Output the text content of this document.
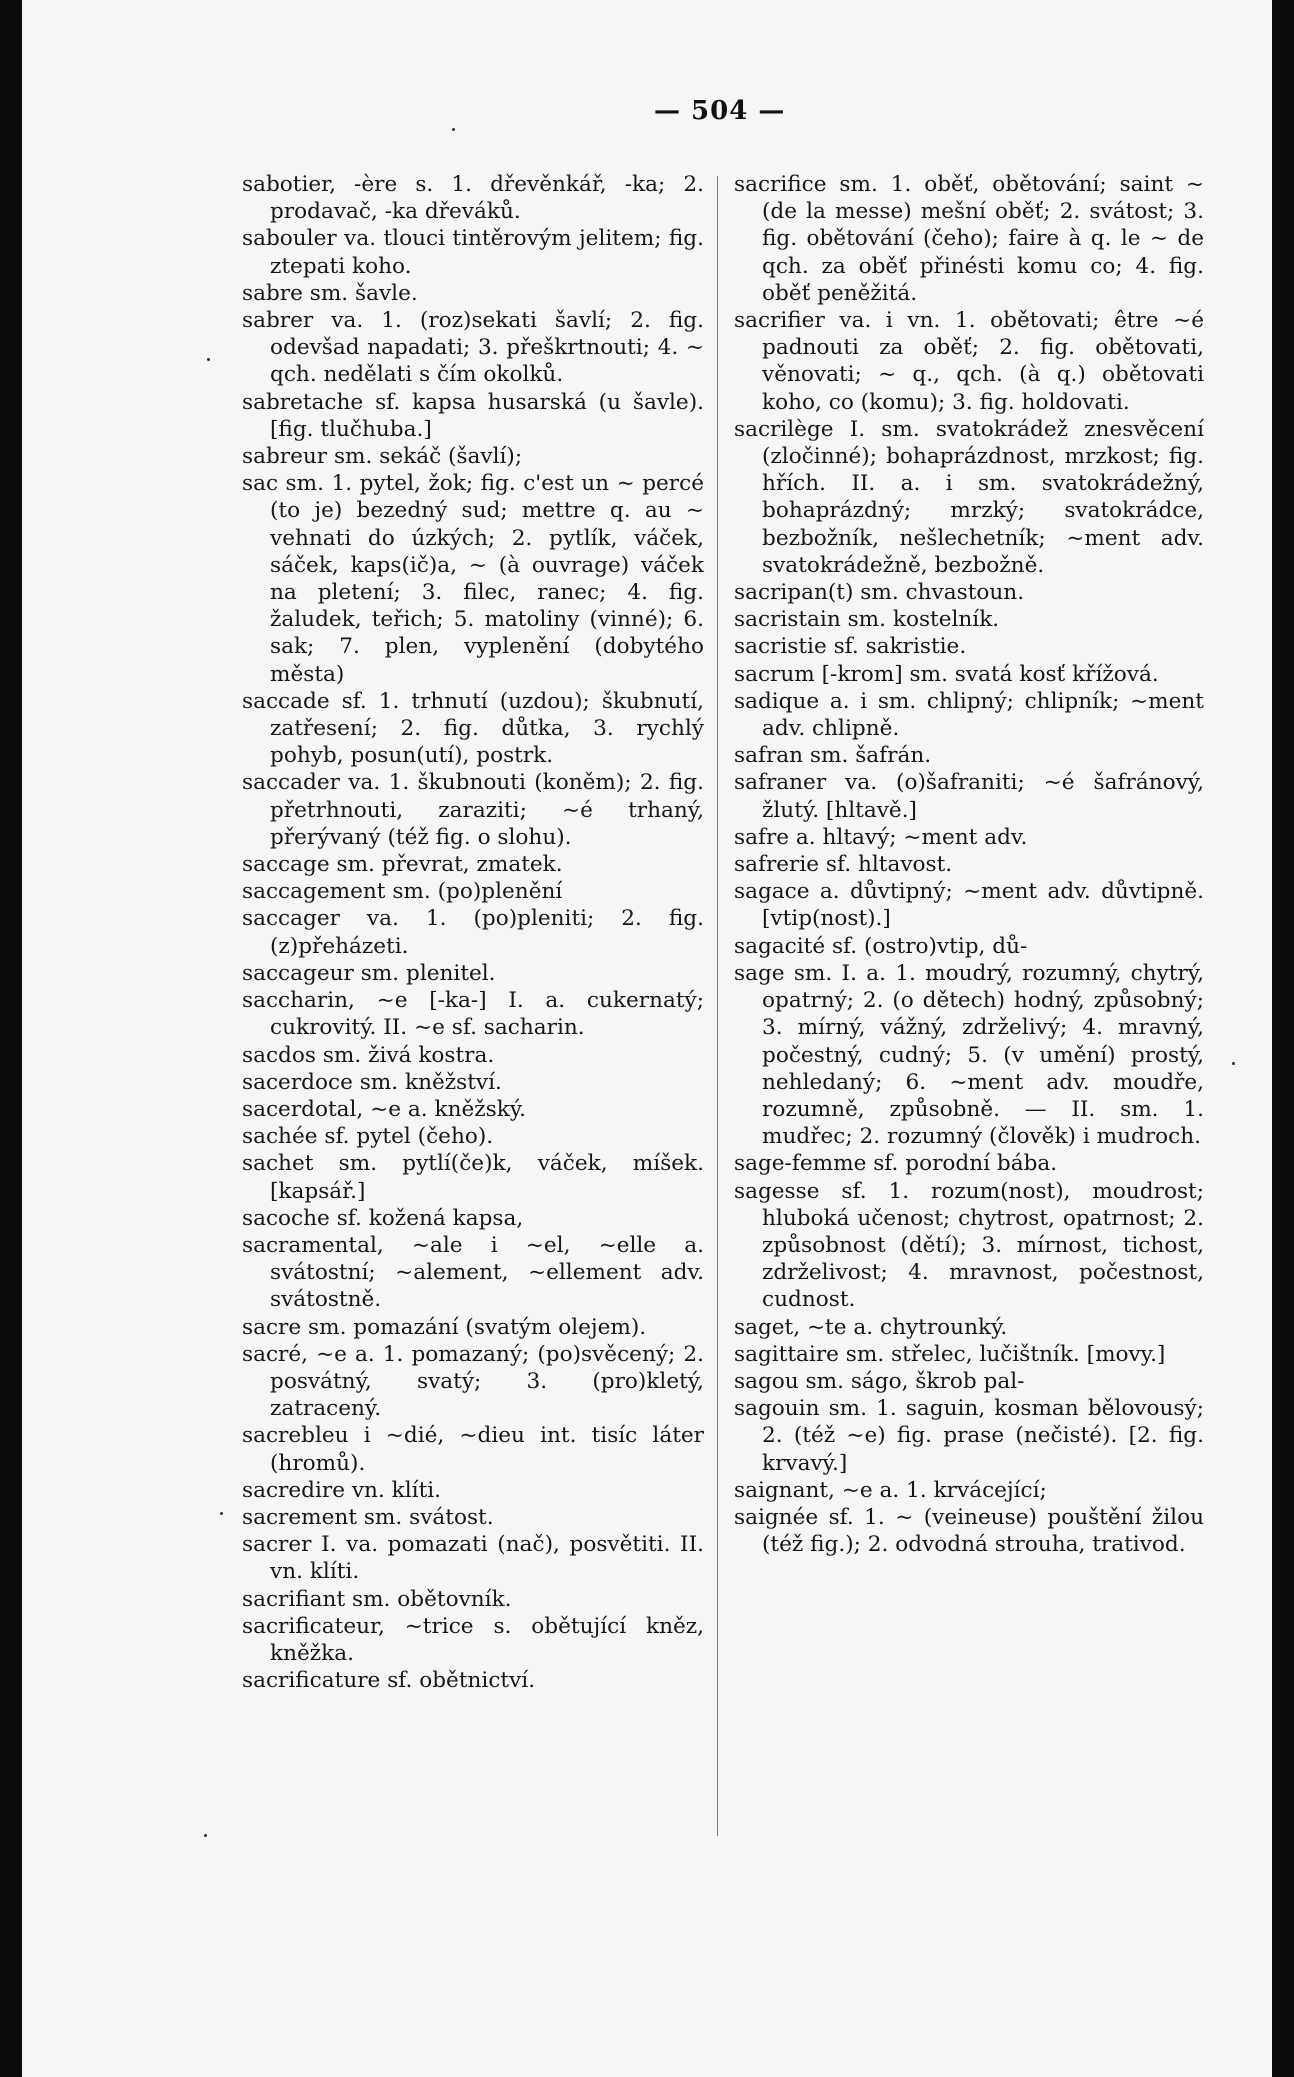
— 504 —

sabotier, -ère s. 1. dřevěnkář, -ka; 2. prodavač, -ka dřeváků.

sabouler va. tlouci tintěrovým jelitem; fig. ztepati koho.

sabre sm. šavle.

sabrer va. 1. (roz)sekati šavlí; 2. fig. odevšad napadati; 3. přeškrtnouti; 4. ~ qch. nedělati s čím okolků.

sabretache sf. kapsa husarská (u šavle). [fig. tlučhuba.]

sabreur sm. sekáč (šavlí);

sac sm. 1. pytel, žok; fig. c'est un ~ percé (to je) bezedný sud; mettre q. au ~ vehnati do úzkých; 2. pytlík, váček, sáček, kaps(ič)a, ~ (à ouvrage) váček na pletení; 3. filec, ranec; 4. fig. žaludek, teřich; 5. matoliny (vinné); 6. sak; 7. plen, vyplenění (dobytého města)

saccade sf. 1. trhnutí (uzdou); škubnutí, zatřesení; 2. fig. důtka, 3. rychlý pohyb, posun(utí), postrk.

saccader va. 1. škubnouti (koněm); 2. fig. přetrhnouti, zaraziti; ~é trhaný, přerývaný (též fig. o slohu).

saccage sm. převrat, zmatek.

saccagement sm. (po)plenění

saccager va. 1. (po)pleniti; 2. fig. (z)přeházeti.

saccageur sm. plenitel.

saccharin, ~e [-ka-] I. a. cukernatý; cukrovitý. II. ~e sf. sacharin.

sacdos sm. živá kostra.

sacerdoce sm. kněžství.

sacerdotal, ~e a. kněžský.

sachée sf. pytel (čeho).

sachet sm. pytlí(če)k, váček, míšek. [kapsář.]

sacoche sf. kožená kapsa,

sacramental, ~ale i ~el, ~elle a. svátostní; ~alement, ~ellement adv. svátostně.

sacre sm. pomazání (svatým olejem).

sacré, ~e a. 1. pomazaný; (po)svěcený; 2. posvátný, svatý; 3. (pro)kletý, zatracený.

sacrebleu i ~dié, ~dieu int. tisíc láter (hromů).

sacredire vn. klíti.

sacrement sm. svátost.

sacrer I. va. pomazati (nač), posvětiti. II. vn. klíti.

sacrifiant sm. obětovník.

sacrificateur, ~trice s. obětující kněz, kněžka.

sacrificature sf. obětnictví.

sacrifice sm. 1. oběť, obětování; saint ~ (de la messe) mešní oběť; 2. svátost; 3. fig. obětování (čeho); faire à q. le ~ de qch. za oběť přinésti komu co; 4. fig. oběť peněžitá.

sacrifier va. i vn. 1. obětovati; être ~é padnouti za oběť; 2. fig. obětovati, věnovati; ~ q., qch. (à q.) obětovati koho, co (komu); 3. fig. holdovati.

sacrilège I. sm. svatokrádež znesvěcení (zločinné); bohaprázdnost, mrzkost; fig. hřích. II. a. i sm. svatokrádežný, bohaprázdný; mrzký; svatokrádce, bezbožník, nešlechetník; ~ment adv. svatokrádežně, bezbožně.

sacripan(t) sm. chvastoun.

sacristain sm. kostelník.

sacristie sf. sakristie.

sacrum [-krom] sm. svatá kosť křížová.

sadique a. i sm. chlipný; chlipník; ~ment adv. chlipně.

safran sm. šafrán.

safraner va. (o)šafraniti; ~é šafránový, žlutý. [hltavě.]

safre a. hltavý; ~ment adv.

safrerie sf. hltavost.

sagace a. důvtipný; ~ment adv. důvtipně. [vtip(nost).]

sagacité sf. (ostro)vtip, dů-

sage sm. I. a. 1. moudrý, rozumný, chytrý, opatrný; 2. (o dětech) hodný, způsobný; 3. mírný, vážný, zdrželivý; 4. mravný, počestný, cudný; 5. (v umění) prostý, nehledaný; 6. ~ment adv. moudře, rozumně, způsobně. — II. sm. 1. mudřec; 2. rozumný (člověk) i mudroch.

sage-femme sf. porodní bába.

sagesse sf. 1. rozum(nost), moudrost; hluboká učenost; chytrost, opatrnost; 2. způsobnost (dětí); 3. mírnost, tichost, zdrželivost; 4. mravnost, počestnost, cudnost.

saget, ~te a. chytrounký.

sagittaire sm. střelec, lučištník. [movy.]

sagou sm. ságo, škrob pal-

sagouin sm. 1. saguin, kosman bělovousý; 2. (též ~e) fig. prase (nečisté). [2. fig. krvavý.]

saignant, ~e a. 1. krvácející;

saignée sf. 1. ~ (veineuse) pouštění žilou (též fig.); 2. odvodná strouha, trativod.
